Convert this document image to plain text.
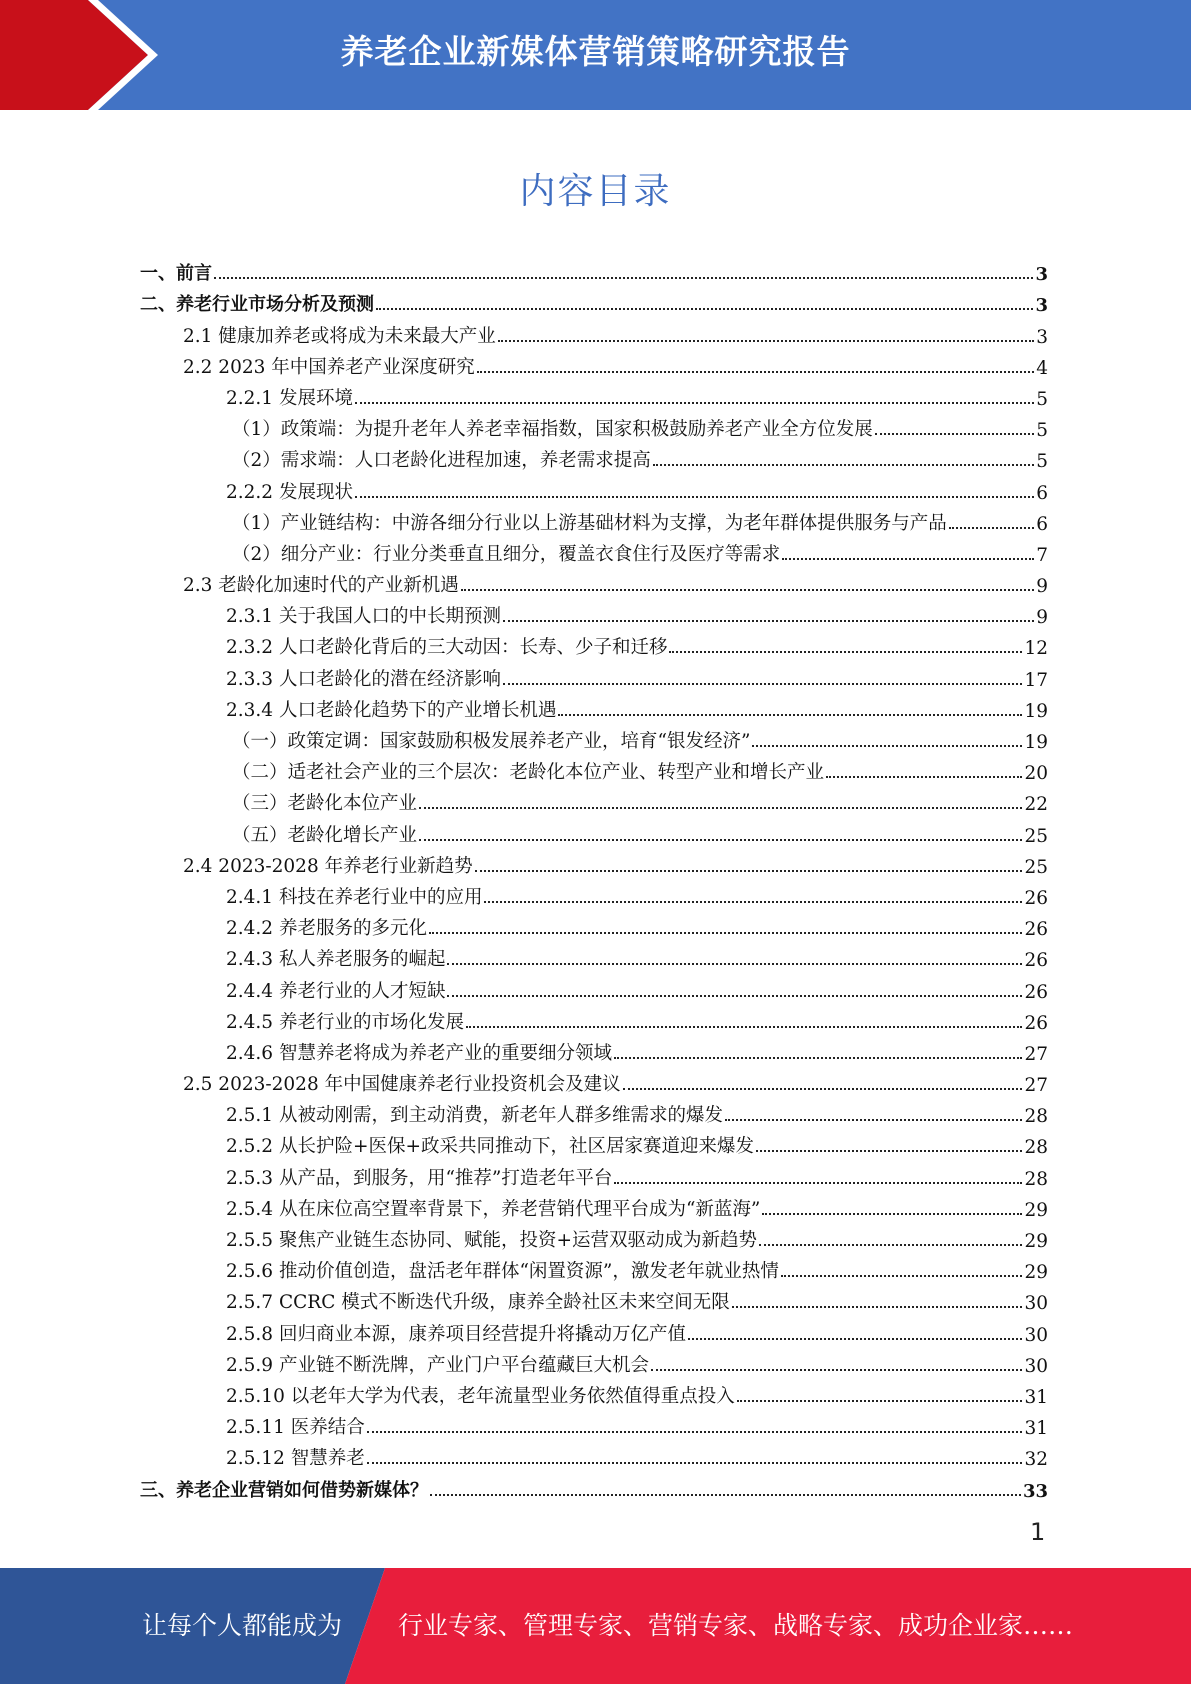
养老企业新媒体营销策略研究报告
内容目录
一、前言	3
二、养老行业市场分析及预测	3
2.1 健康加养老或将成为未来最大产业	3
2.2 2023 年中国养老产业深度研究	4
2.2.1 发展环境	5
（1）政策端：为提升老年人养老幸福指数，国家积极鼓励养老产业全方位发展	5
（2）需求端：人口老龄化进程加速，养老需求提高	5
2.2.2 发展现状	6
（1）产业链结构：中游各细分行业以上游基础材料为支撑，为老年群体提供服务与产品	6
（2）细分产业：行业分类垂直且细分，覆盖衣食住行及医疗等需求	7
2.3 老龄化加速时代的产业新机遇	9
2.3.1 关于我国人口的中长期预测	9
2.3.2 人口老龄化背后的三大动因：长寿、少子和迁移	12
2.3.3 人口老龄化的潜在经济影响	17
2.3.4 人口老龄化趋势下的产业增长机遇	19
（一）政策定调：国家鼓励积极发展养老产业，培育“银发经济”	19
（二）适老社会产业的三个层次：老龄化本位产业、转型产业和增长产业	20
（三）老龄化本位产业	22
（五）老龄化增长产业	25
2.4 2023-2028 年养老行业新趋势	25
2.4.1 科技在养老行业中的应用	26
2.4.2 养老服务的多元化	26
2.4.3 私人养老服务的崛起	26
2.4.4 养老行业的人才短缺	26
2.4.5 养老行业的市场化发展	26
2.4.6 智慧养老将成为养老产业的重要细分领域	27
2.5 2023-2028 年中国健康养老行业投资机会及建议	27
2.5.1 从被动刚需，到主动消费，新老年人群多维需求的爆发	28
2.5.2 从长护险+医保+政采共同推动下，社区居家赛道迎来爆发	28
2.5.3 从产品，到服务，用“推荐”打造老年平台	28
2.5.4 从在床位高空置率背景下，养老营销代理平台成为“新蓝海”	29
2.5.5 聚焦产业链生态协同、赋能，投资+运营双驱动成为新趋势	29
2.5.6 推动价值创造，盘活老年群体“闲置资源”，激发老年就业热情	29
2.5.7 CCRC 模式不断迭代升级，康养全龄社区未来空间无限	30
2.5.8 回归商业本源，康养项目经营提升将撬动万亿产值	30
2.5.9 产业链不断洗牌，产业门户平台蕴藏巨大机会	30
2.5.10 以老年大学为代表，老年流量型业务依然值得重点投入	31
2.5.11 医养结合	31
2.5.12 智慧养老	32
三、养老企业营销如何借势新媒体？	33
1
让每个人都能成为 行业专家、管理专家、营销专家、战略专家、成功企业家……
